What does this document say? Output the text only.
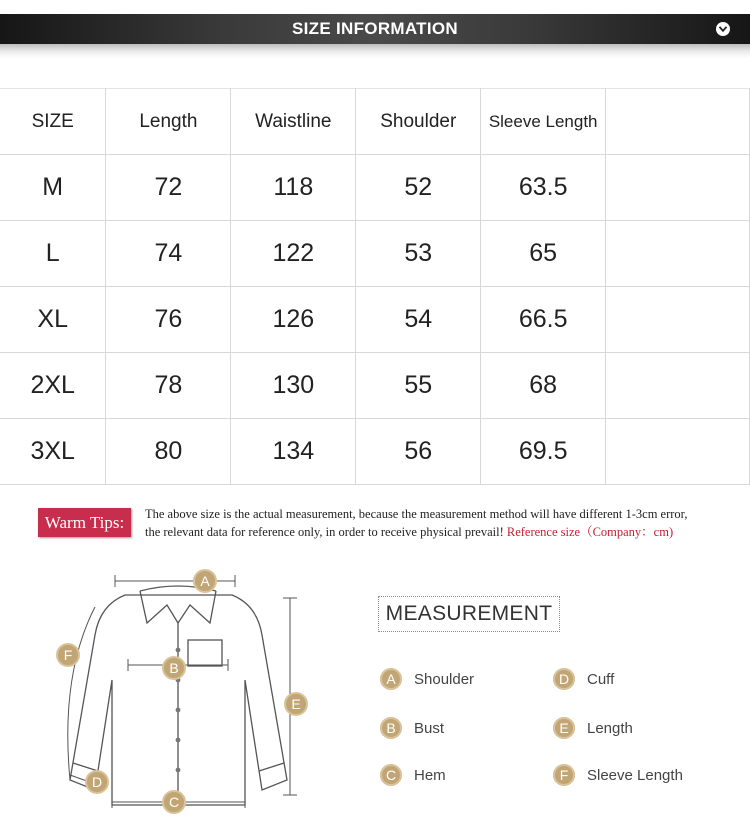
SIZE INFORMATION
SIZE	Length	Waistline	Shoulder	Sleeve Length	
M	72	118	52	63.5	
L	74	122	53	65	
XL	76	126	54	66.5	
2XL	78	130	55	68	
3XL	80	134	56	69.5	
Warm Tips:	The above size is the actual measurement, because the measurement method will have different 1-3cm error,
the relevant data for reference only, in order to receive physical prevail! Reference size（Company：cm)
A
B
C
D
E
F
MEASUREMENT
A	Shoulder
B	Bust
C	Hem
D	Cuff
E	Length
F	Sleeve Length
